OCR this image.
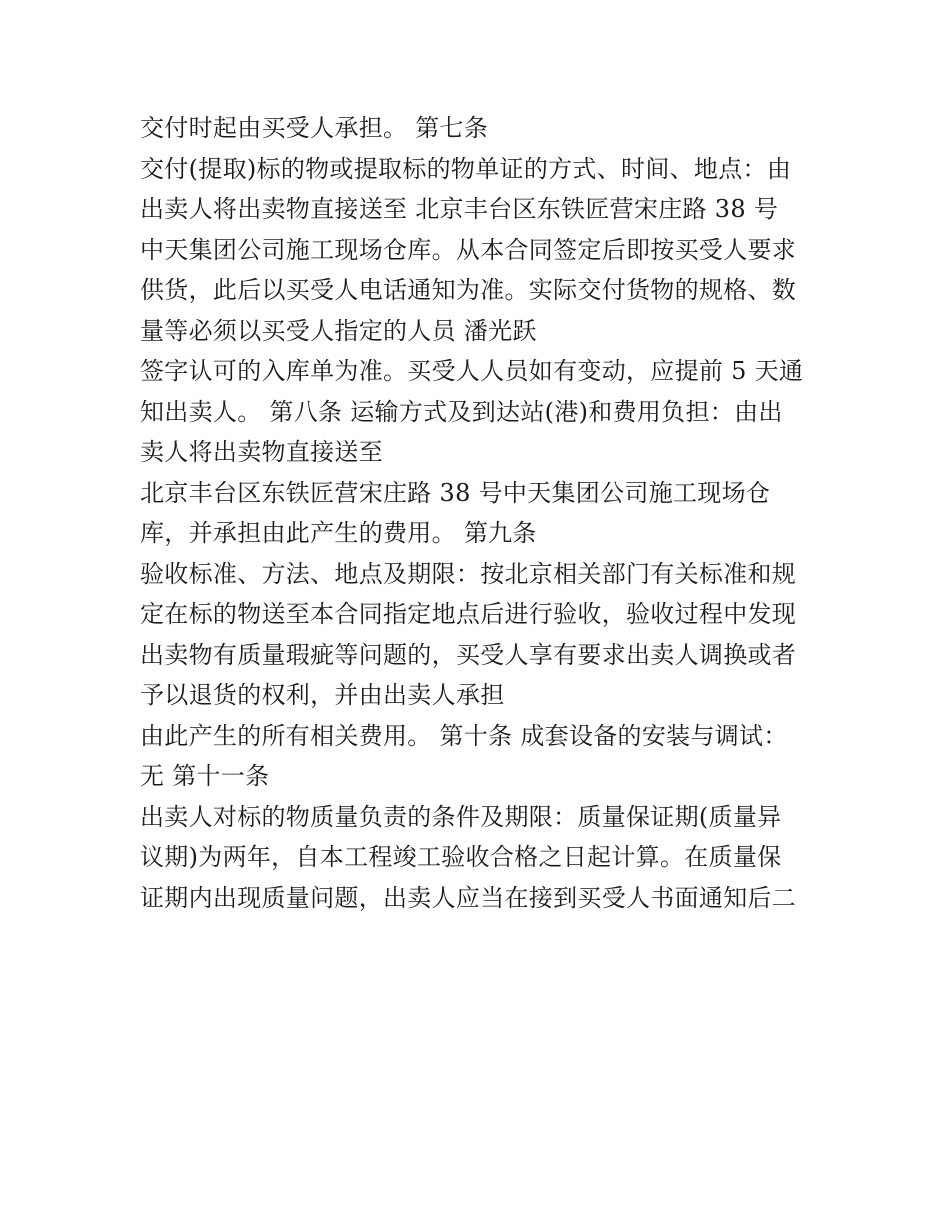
交付时起由买受人承担。 第七条
交付(提取)标的物或提取标的物单证的方式、时间、地点：由
出卖人将出卖物直接送至 北京丰台区东铁匠营宋庄路 38 号
中天集团公司施工现场仓库。从本合同签定后即按买受人要求
供货，此后以买受人电话通知为准。实际交付货物的规格、数
量等必须以买受人指定的人员 潘光跃
签字认可的入库单为准。买受人人员如有变动，应提前 5 天通
知出卖人。 第八条 运输方式及到达站(港)和费用负担：由出
卖人将出卖物直接送至
北京丰台区东铁匠营宋庄路 38 号中天集团公司施工现场仓
库，并承担由此产生的费用。 第九条
验收标准、方法、地点及期限：按北京相关部门有关标准和规
定在标的物送至本合同指定地点后进行验收，验收过程中发现
出卖物有质量瑕疵等问题的，买受人享有要求出卖人调换或者
予以退货的权利，并由出卖人承担
由此产生的所有相关费用。 第十条 成套设备的安装与调试：
无 第十一条
出卖人对标的物质量负责的条件及期限：质量保证期(质量异
议期)为两年，自本工程竣工验收合格之日起计算。在质量保
证期内出现质量问题，出卖人应当在接到买受人书面通知后二
